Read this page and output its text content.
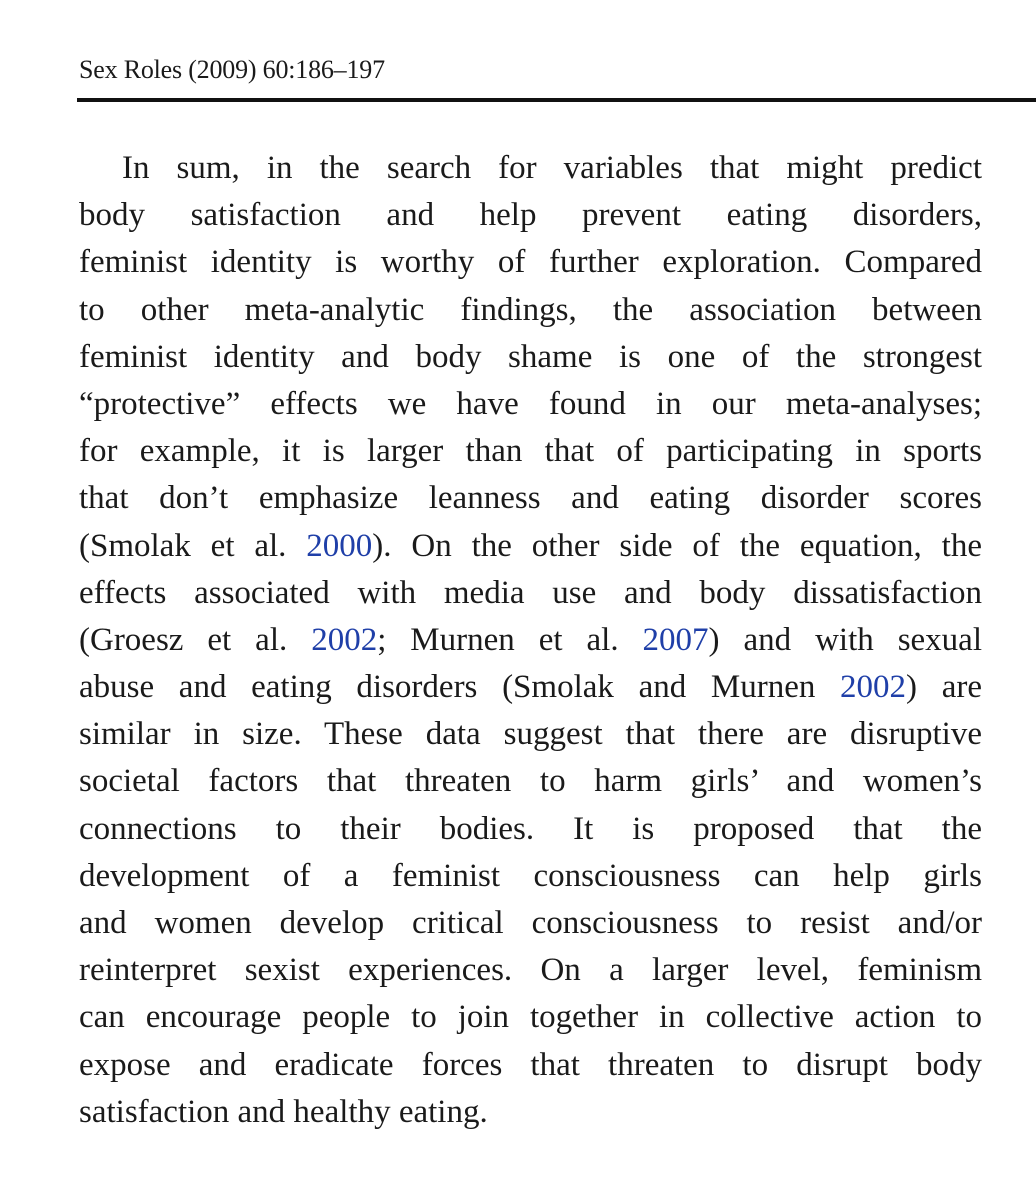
Sex Roles (2009) 60:186–197
In sum, in the search for variables that might predict
body satisfaction and help prevent eating disorders,
feminist identity is worthy of further exploration. Compared
to other meta-analytic findings, the association between
feminist identity and body shame is one of the strongest
“protective” effects we have found in our meta-analyses;
for example, it is larger than that of participating in sports
that don’t emphasize leanness and eating disorder scores
(Smolak et al. 2000). On the other side of the equation, the
effects associated with media use and body dissatisfaction
(Groesz et al. 2002; Murnen et al. 2007) and with sexual
abuse and eating disorders (Smolak and Murnen 2002) are
similar in size. These data suggest that there are disruptive
societal factors that threaten to harm girls’ and women’s
connections to their bodies. It is proposed that the
development of a feminist consciousness can help girls
and women develop critical consciousness to resist and/or
reinterpret sexist experiences. On a larger level, feminism
can encourage people to join together in collective action to
expose and eradicate forces that threaten to disrupt body
satisfaction and healthy eating.
